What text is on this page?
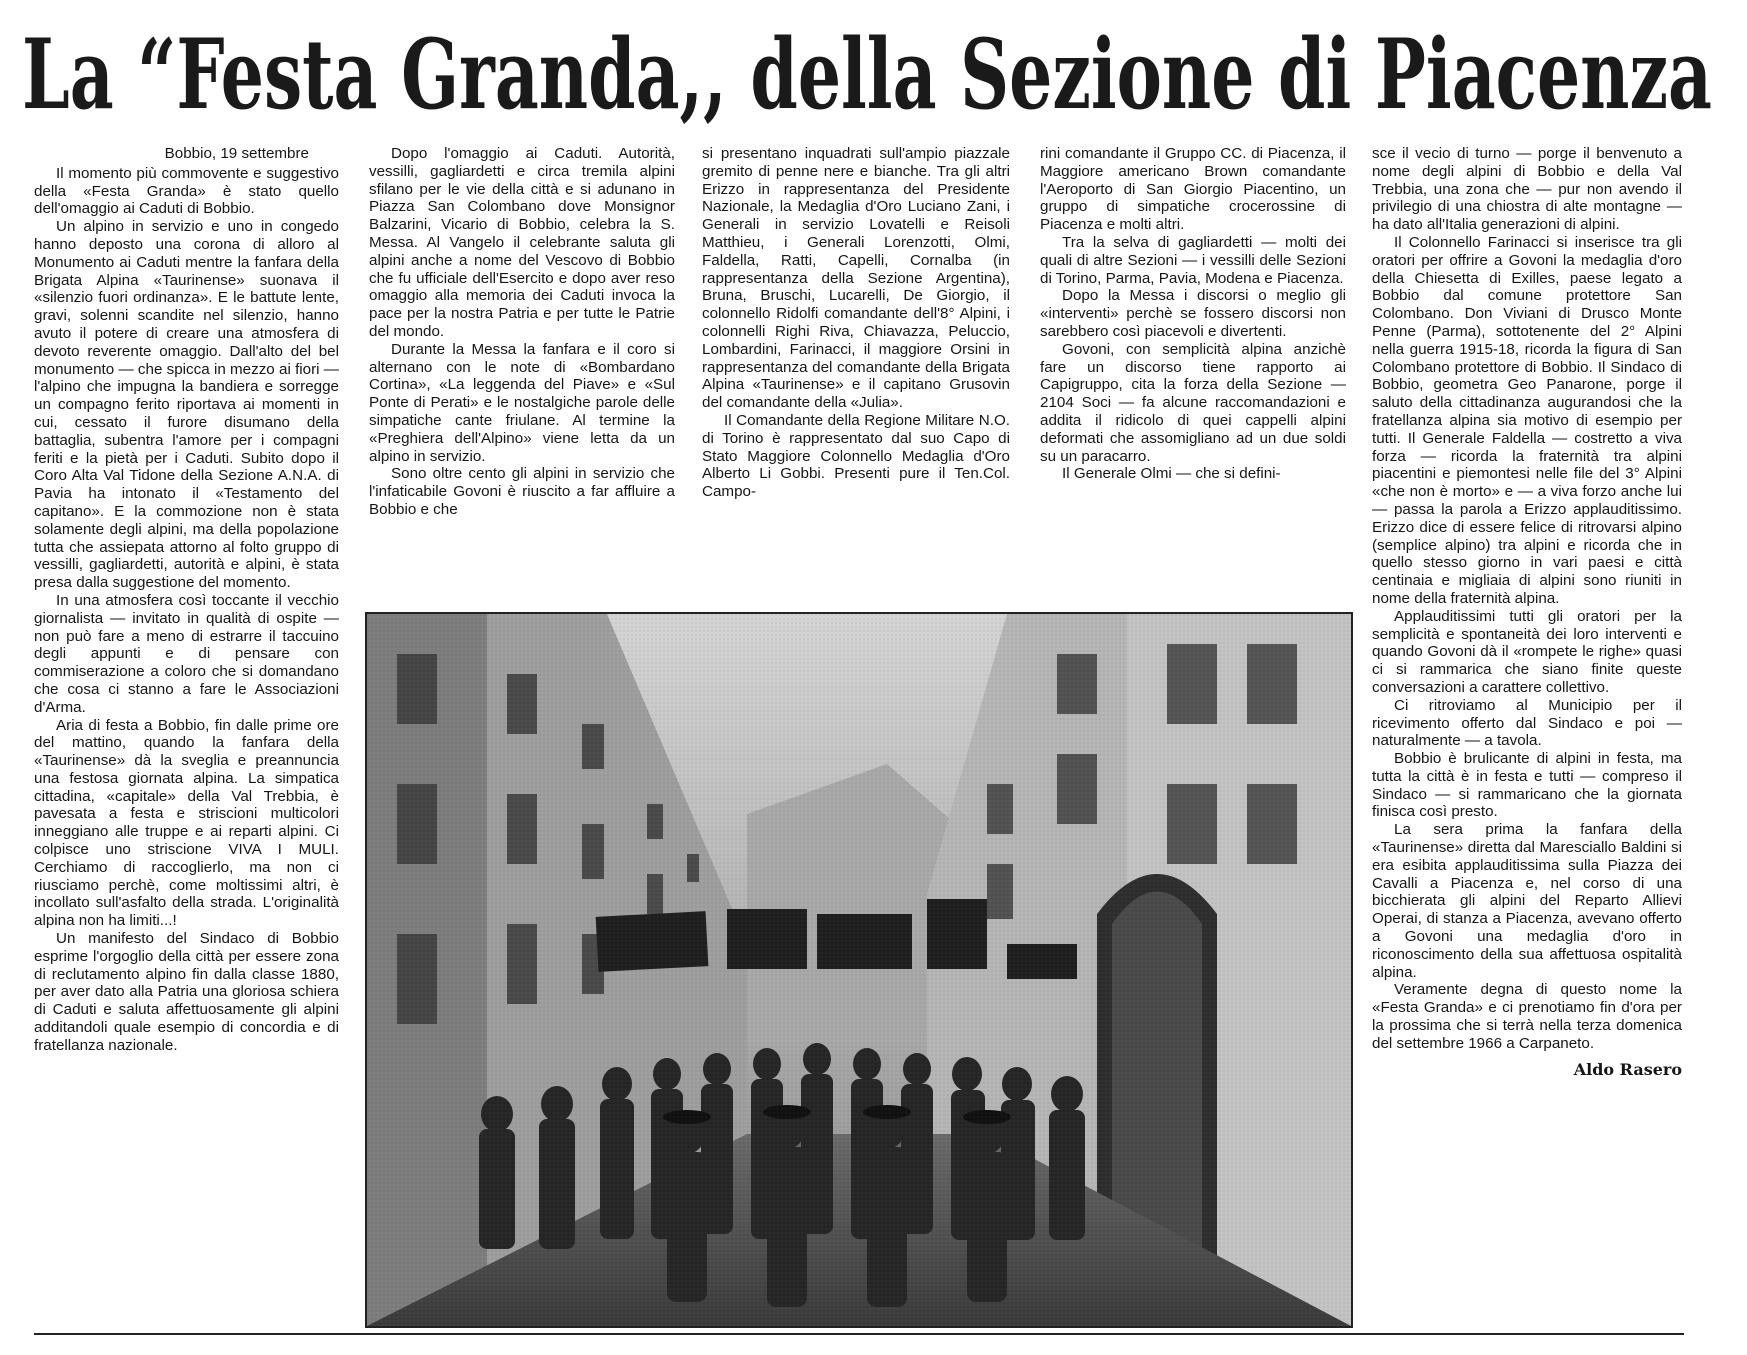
La “Festa Granda,, della Sezione di Piacenza

Bobbio, 19 settembre

Il momento più commovente e suggestivo della «Festa Granda» è stato quello dell'omaggio ai Caduti di Bobbio.

Un alpino in servizio e uno in congedo hanno deposto una corona di alloro al Monumento ai Caduti mentre la fanfara della Brigata Alpina «Taurinense» suonava il «silenzio fuori ordinanza». E le battute lente, gravi, solenni scandite nel silenzio, hanno avuto il potere di creare una atmosfera di devoto reverente omaggio. Dall'alto del bel monumento — che spicca in mezzo ai fiori — l'alpino che impugna la bandiera e sorregge un compagno ferito riportava ai momenti in cui, cessato il furore disumano della battaglia, subentra l'amore per i compagni feriti e la pietà per i Caduti. Subito dopo il Coro Alta Val Tidone della Sezione A.N.A. di Pavia ha intonato il «Testamento del capitano». E la commozione non è stata solamente degli alpini, ma della popolazione tutta che assiepata attorno al folto gruppo di vessilli, gagliardetti, autorità e alpini, è stata presa dalla suggestione del momento.

In una atmosfera così toccante il vecchio giornalista — invitato in qualità di ospite — non può fare a meno di estrarre il taccuino degli appunti e di pensare con commiserazione a coloro che si domandano che cosa ci stanno a fare le Associazioni d'Arma.

Aria di festa a Bobbio, fin dalle prime ore del mattino, quando la fanfara della «Taurinense» dà la sveglia e preannuncia una festosa giornata alpina. La simpatica cittadina, «capitale» della Val Trebbia, è pavesata a festa e striscioni multicolori inneggiano alle truppe e ai reparti alpini. Ci colpisce uno striscione VIVA I MULI. Cerchiamo di raccoglierlo, ma non ci riusciamo perchè, come moltissimi altri, è incollato sull'asfalto della strada. L'originalità alpina non ha limiti...!

Un manifesto del Sindaco di Bobbio esprime l'orgoglio della città per essere zona di reclutamento alpino fin dalla classe 1880, per aver dato alla Patria una gloriosa schiera di Caduti e saluta affettuosamente gli alpini additandoli quale esempio di concordia e di fratellanza nazionale.

Dopo l'omaggio ai Caduti. Autorità, vessilli, gagliardetti e circa tremila alpini sfilano per le vie della città e si adunano in Piazza San Colombano dove Monsignor Balzarini, Vicario di Bobbio, celebra la S. Messa. Al Vangelo il celebrante saluta gli alpini anche a nome del Vescovo di Bobbio che fu ufficiale dell'Esercito e dopo aver reso omaggio alla memoria dei Caduti invoca la pace per la nostra Patria e per tutte le Patrie del mondo.

Durante la Messa la fanfara e il coro si alternano con le note di «Bombardano Cortina», «La leggenda del Piave» e «Sul Ponte di Perati» e le nostalgiche parole delle simpatiche cante friulane. Al termine la «Preghiera dell'Alpino» viene letta da un alpino in servizio.

Sono oltre cento gli alpini in servizio che l'infaticabile Govoni è riuscito a far affluire a Bobbio e che

si presentano inquadrati sull'ampio piazzale gremito di penne nere e bianche. Tra gli altri Erizzo in rappresentanza del Presidente Nazionale, la Medaglia d'Oro Luciano Zani, i Generali in servizio Lovatelli e Reisoli Matthieu, i Generali Lorenzotti, Olmi, Faldella, Ratti, Capelli, Cornalba (in rappresentanza della Sezione Argentina), Bruna, Bruschi, Lucarelli, De Giorgio, il colonnello Ridolfi comandante dell'8° Alpini, i colonnelli Righi Riva, Chiavazza, Peluccio, Lombardini, Farinacci, il maggiore Orsini in rappresentanza del comandante della Brigata Alpina «Taurinense» e il capitano Grusovin del comandante della «Julia».

Il Comandante della Regione Militare N.O. di Torino è rappresentato dal suo Capo di Stato Maggiore Colonnello Medaglia d'Oro Alberto Li Gobbi. Presenti pure il Ten.Col. Campo-

rini comandante il Gruppo CC. di Piacenza, il Maggiore americano Brown comandante l'Aeroporto di San Giorgio Piacentino, un gruppo di simpatiche crocerossine di Piacenza e molti altri.

Tra la selva di gagliardetti — molti dei quali di altre Sezioni — i vessilli delle Sezioni di Torino, Parma, Pavia, Modena e Piacenza.

Dopo la Messa i discorsi o meglio gli «interventi» perchè se fossero discorsi non sarebbero così piacevoli e divertenti.

Govoni, con semplicità alpina anzichè fare un discorso tiene rapporto ai Capigruppo, cita la forza della Sezione — 2104 Soci — fa alcune raccomandazioni e addita il ridicolo di quei cappelli alpini deformati che assomigliano ad un due soldi su un paracarro.

Il Generale Olmi — che si defini-

sce il vecio di turno — porge il benvenuto a nome degli alpini di Bobbio e della Val Trebbia, una zona che — pur non avendo il privilegio di una chiostra di alte montagne — ha dato all'Italia generazioni di alpini.

Il Colonnello Farinacci si inserisce tra gli oratori per offrire a Govoni la medaglia d'oro della Chiesetta di Exilles, paese legato a Bobbio dal comune protettore San Colombano. Don Viviani di Drusco Monte Penne (Parma), sottotenente del 2° Alpini nella guerra 1915-18, ricorda la figura di San Colombano protettore di Bobbio. Il Sindaco di Bobbio, geometra Geo Panarone, porge il saluto della cittadinanza augurandosi che la fratellanza alpina sia motivo di esempio per tutti. Il Generale Faldella — costretto a viva forza — ricorda la fraternità tra alpini piacentini e piemontesi nelle file del 3° Alpini «che non è morto» e — a viva forzo anche lui — passa la parola a Erizzo applauditissimo. Erizzo dice di essere felice di ritrovarsi alpino (semplice alpino) tra alpini e ricorda che in quello stesso giorno in vari paesi e città centinaia e migliaia di alpini sono riuniti in nome della fraternità alpina.

Applauditissimi tutti gli oratori per la semplicità e spontaneità dei loro interventi e quando Govoni dà il «rompete le righe» quasi ci si rammarica che siano finite queste conversazioni a carattere collettivo.

Ci ritroviamo al Municipio per il ricevimento offerto dal Sindaco e poi — naturalmente — a tavola.

Bobbio è brulicante di alpini in festa, ma tutta la città è in festa e tutti — compreso il Sindaco — si rammaricano che la giornata finisca così presto.

La sera prima la fanfara della «Taurinense» diretta dal Maresciallo Baldini si era esibita applauditissima sulla Piazza dei Cavalli a Piacenza e, nel corso di una bicchierata gli alpini del Reparto Allievi Operai, di stanza a Piacenza, avevano offerto a Govoni una medaglia d'oro in riconoscimento della sua affettuosa ospitalità alpina.

Veramente degna di questo nome la «Festa Granda» e ci prenotiamo fin d'ora per la prossima che si terrà nella terza domenica del settembre 1966 a Carpaneto.

Aldo Rasero
